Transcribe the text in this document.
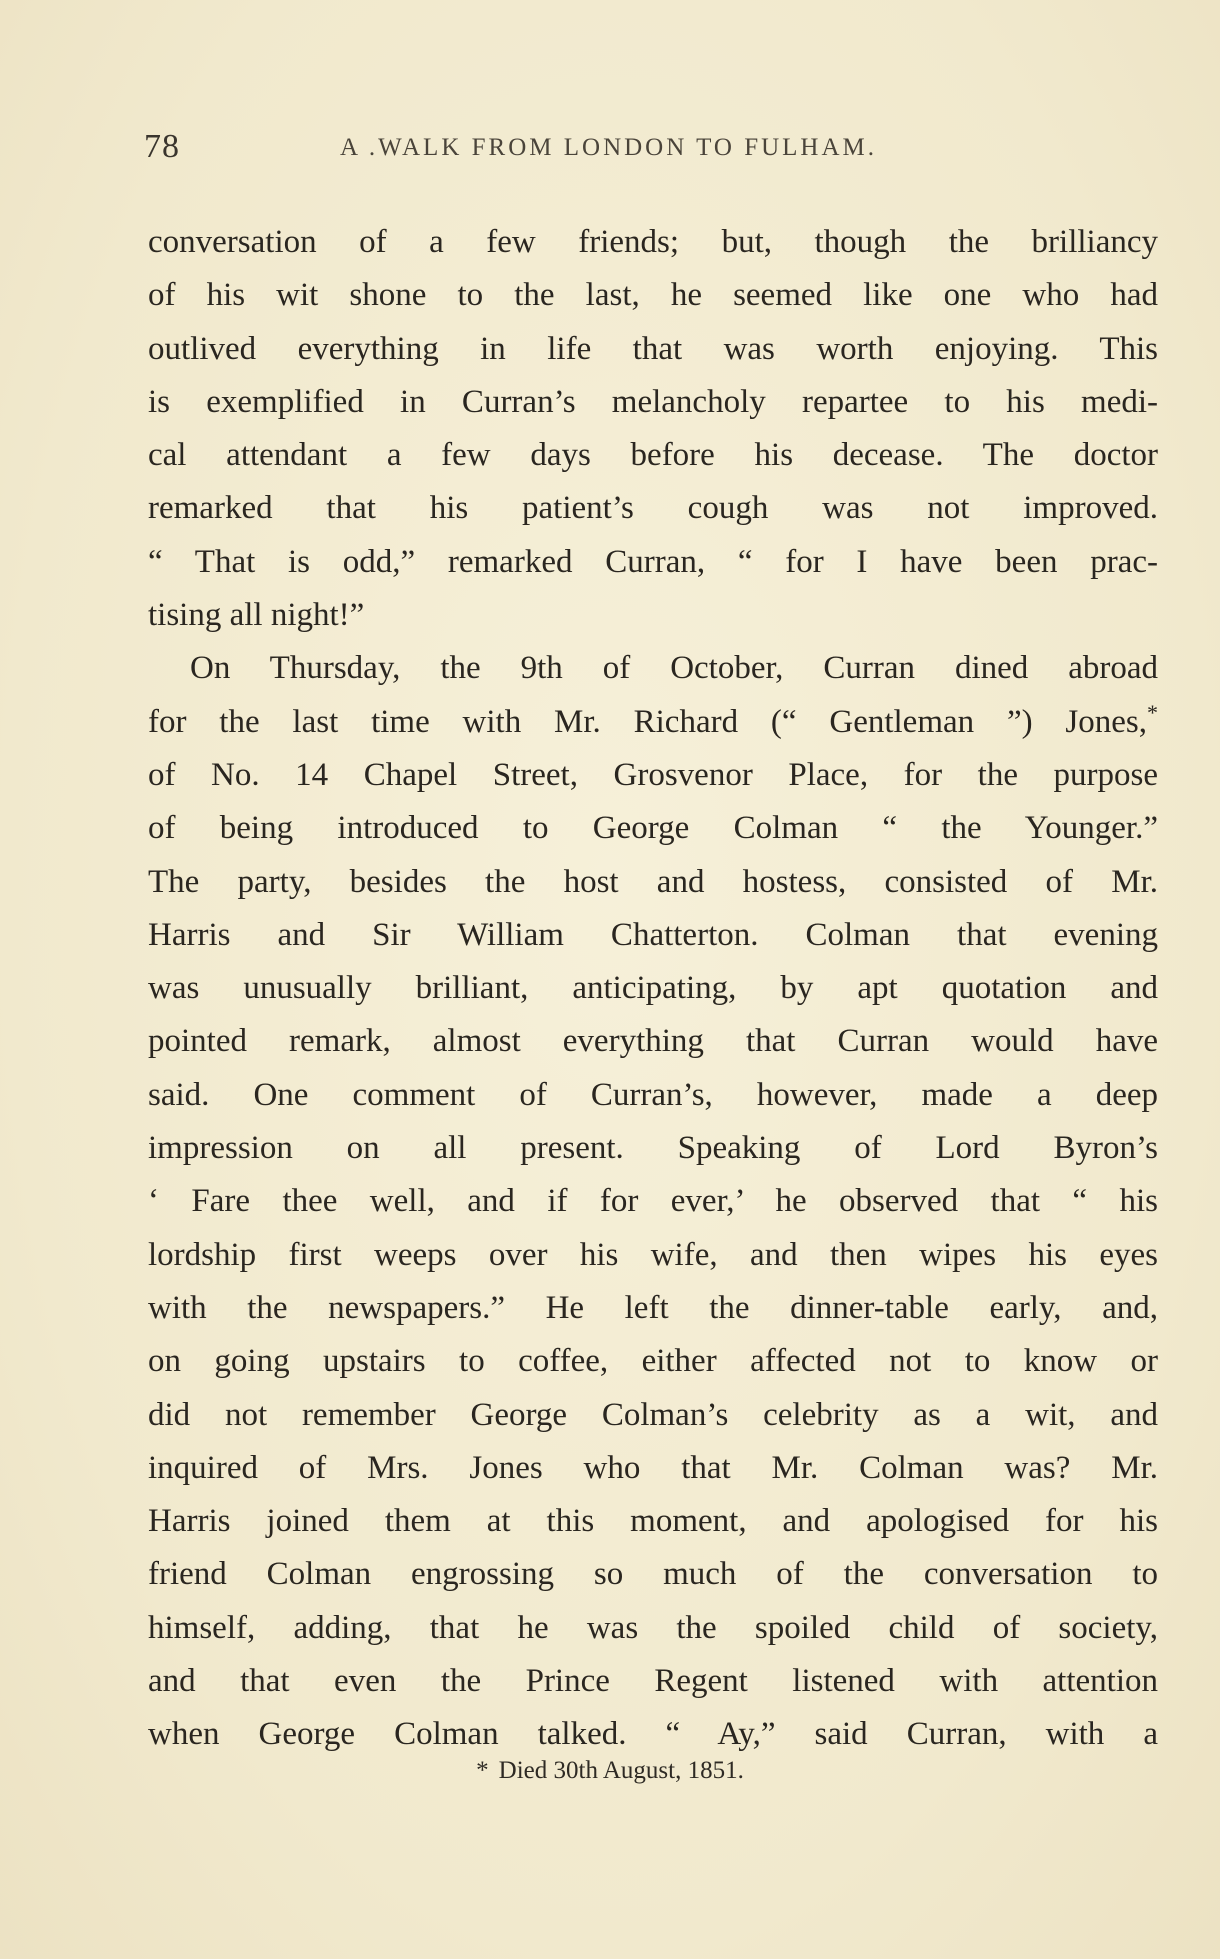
78	A .WALK FROM LONDON TO FULHAM.
conversation of a few friends; but, though the brilliancy
of his wit shone to the last, he seemed like one who had
outlived everything in life that was worth enjoying. This
is exemplified in Curran’s melancholy repartee to his medi-
cal attendant a few days before his decease. The doctor
remarked that his patient’s cough was not improved.
“ That is odd,” remarked Curran, “ for I have been prac-
tising all night!”
On Thursday, the 9th of October, Curran dined abroad
for the last time with Mr. Richard (“ Gentleman ”) Jones,*
of No. 14 Chapel Street, Grosvenor Place, for the purpose
of being introduced to George Colman “ the Younger.”
The party, besides the host and hostess, consisted of Mr.
Harris and Sir William Chatterton. Colman that evening
was unusually brilliant, anticipating, by apt quotation and
pointed remark, almost everything that Curran would have
said. One comment of Curran’s, however, made a deep
impression on all present. Speaking of Lord Byron’s
‘ Fare thee well, and if for ever,’ he observed that “ his
lordship first weeps over his wife, and then wipes his eyes
with the newspapers.” He left the dinner-table early, and,
on going upstairs to coffee, either affected not to know or
did not remember George Colman’s celebrity as a wit, and
inquired of Mrs. Jones who that Mr. Colman was? Mr.
Harris joined them at this moment, and apologised for his
friend Colman engrossing so much of the conversation to
himself, adding, that he was the spoiled child of society,
and that even the Prince Regent listened with attention
when George Colman talked. “ Ay,” said Curran, with a
* Died 30th August, 1851.
